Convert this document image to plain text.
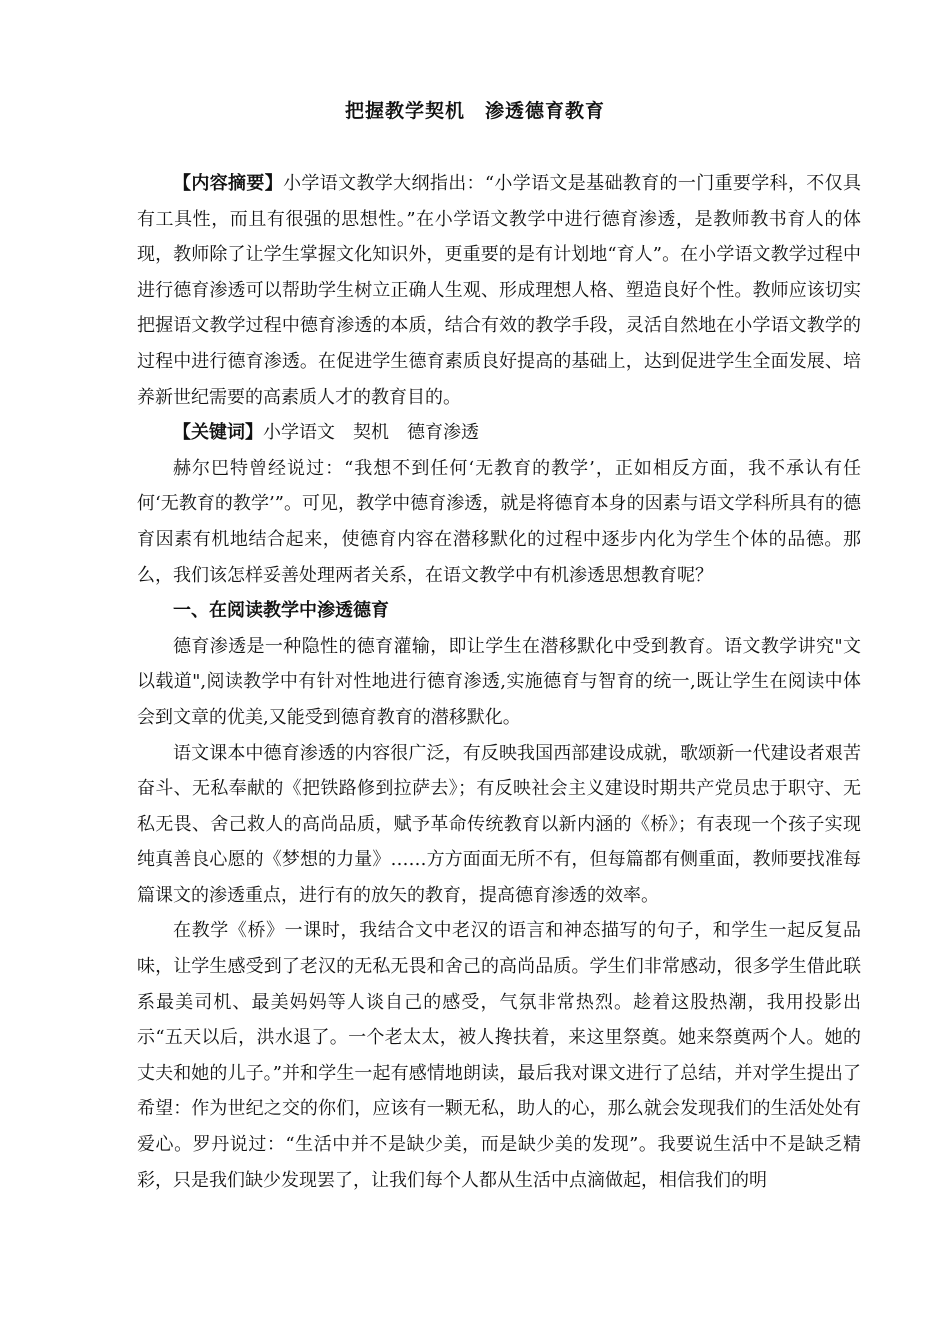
把握教学契机　渗透德育教育

【内容摘要】小学语文教学大纲指出：“小学语文是基础教育的一门重要学科，不仅具有工具性，而且有很强的思想性。”在小学语文教学中进行德育渗透，是教师教书育人的体现，教师除了让学生掌握文化知识外，更重要的是有计划地“育人”。在小学语文教学过程中进行德育渗透可以帮助学生树立正确人生观、形成理想人格、塑造良好个性。教师应该切实把握语文教学过程中德育渗透的本质，结合有效的教学手段，灵活自然地在小学语文教学的过程中进行德育渗透。在促进学生德育素质良好提高的基础上，达到促进学生全面发展、培养新世纪需要的高素质人才的教育目的。

【关键词】小学语文　契机　德育渗透

赫尔巴特曾经说过：“我想不到任何‘无教育的教学’，正如相反方面，我不承认有任何‘无教育的教学’”。可见，教学中德育渗透，就是将德育本身的因素与语文学科所具有的德育因素有机地结合起来，使德育内容在潜移默化的过程中逐步内化为学生个体的品德。那么，我们该怎样妥善处理两者关系，在语文教学中有机渗透思想教育呢？

一、在阅读教学中渗透德育

德育渗透是一种隐性的德育灌输，即让学生在潜移默化中受到教育。语文教学讲究"文以载道",阅读教学中有针对性地进行德育渗透,实施德育与智育的统一,既让学生在阅读中体会到文章的优美,又能受到德育教育的潜移默化。

语文课本中德育渗透的内容很广泛，有反映我国西部建设成就，歌颂新一代建设者艰苦奋斗、无私奉献的《把铁路修到拉萨去》；有反映社会主义建设时期共产党员忠于职守、无私无畏、舍己救人的高尚品质，赋予革命传统教育以新内涵的《桥》；有表现一个孩子实现纯真善良心愿的《梦想的力量》……方方面面无所不有，但每篇都有侧重面，教师要找准每篇课文的渗透重点，进行有的放矢的教育，提高德育渗透的效率。

在教学《桥》一课时，我结合文中老汉的语言和神态描写的句子，和学生一起反复品味，让学生感受到了老汉的无私无畏和舍己的高尚品质。学生们非常感动，很多学生借此联系最美司机、最美妈妈等人谈自己的感受，气氛非常热烈。趁着这股热潮，我用投影出示“五天以后，洪水退了。一个老太太，被人搀扶着，来这里祭奠。她来祭奠两个人。她的丈夫和她的儿子。”并和学生一起有感情地朗读，最后我对课文进行了总结，并对学生提出了希望：作为世纪之交的你们，应该有一颗无私，助人的心，那么就会发现我们的生活处处有爱心。罗丹说过：“生活中并不是缺少美，而是缺少美的发现”。我要说生活中不是缺乏精彩，只是我们缺少发现罢了，让我们每个人都从生活中点滴做起，相信我们的明
